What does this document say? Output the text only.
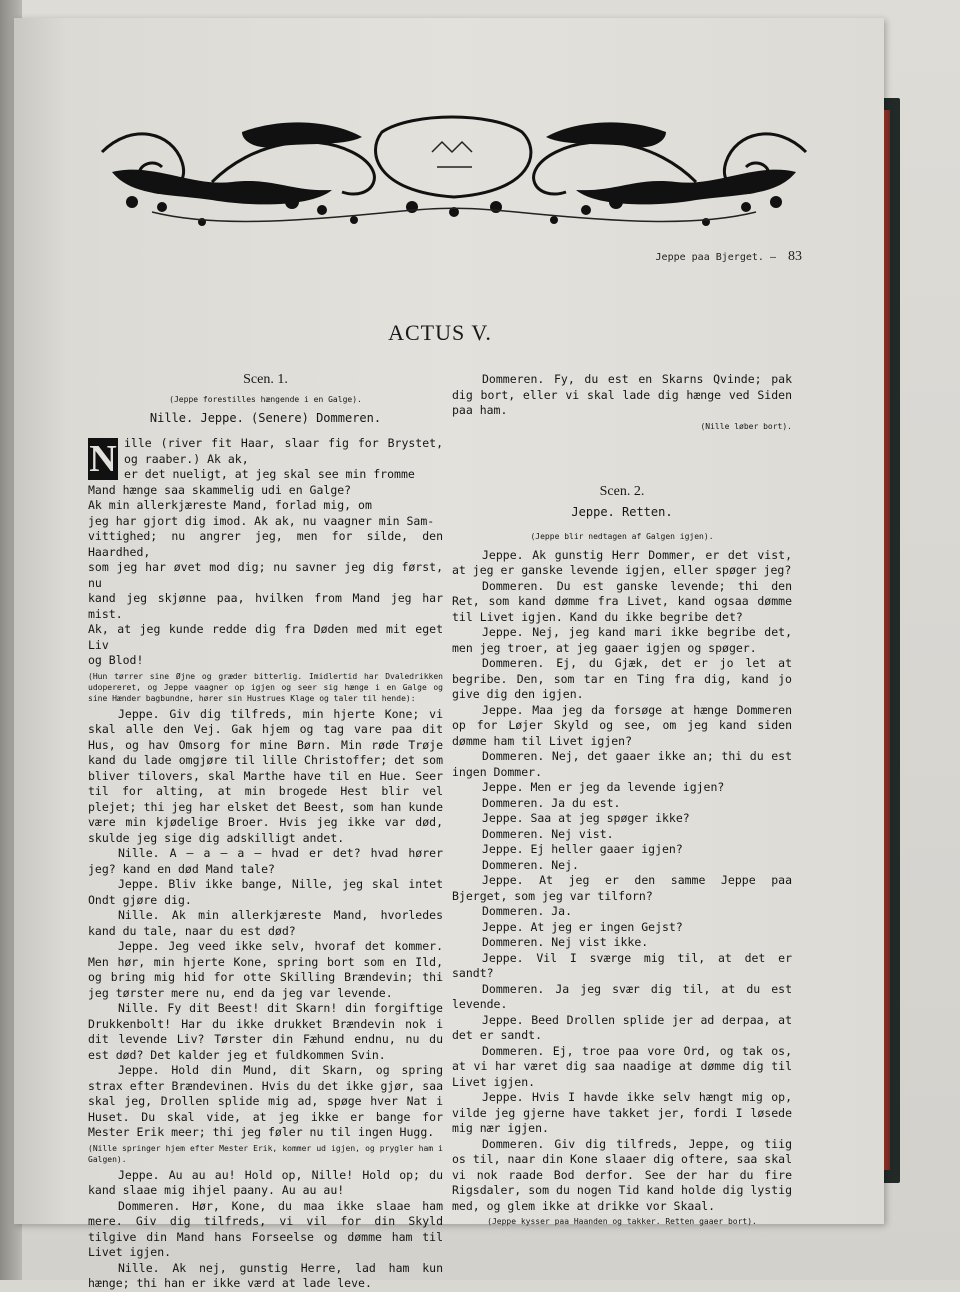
Jeppe paa Bjerget. — 83
ACTUS V.
Scen. 1.
(Jeppe forestilles hængende i en Galge).
Nille. Jeppe. (Senere) Dommeren.
N ille (river fit Haar, slaar fig for Brystet, og raaber.) Ak ak,
er det nueligt, at jeg skal see min fromme
Mand hænge saa skammelig udi en Galge?
Ak min allerkjæreste Mand, forlad mig, om
jeg har gjort dig imod. Ak ak, nu vaagner min Sam-
vittighed; nu angrer jeg, men for silde, den Haardhed,
som jeg har øvet mod dig; nu savner jeg dig først, nu
kand jeg skjønne paa, hvilken from Mand jeg har mist.
Ak, at jeg kunde redde dig fra Døden med mit eget Liv
og Blod!
(Hun tørrer sine Øjne og græder bitterlig. Imidlertid har Dvaledrikken udopereret, og Jeppe vaagner op igjen og seer sig hænge i en Galge og sine Hænder bagbundne, hører sin Hustrues Klage og taler til hende):
Jeppe. Giv dig tilfreds, min hjerte Kone; vi skal alle den Vej. Gak hjem og tag vare paa dit Hus, og hav Omsorg for mine Børn. Min røde Trøje kand du lade omgjøre til lille Christoffer; det som bliver tilovers, skal Marthe have til en Hue. Seer til for alting, at min brogede Hest blir vel plejet; thi jeg har elsket det Beest, som han kunde være min kjødelige Broer. Hvis jeg ikke var død, skulde jeg sige dig adskilligt andet.
Nille. A — a — a — hvad er det? hvad hører jeg? kand en død Mand tale?
Jeppe. Bliv ikke bange, Nille, jeg skal intet Ondt gjøre dig.
Nille. Ak min allerkjæreste Mand, hvorledes kand du tale, naar du est død?
Jeppe. Jeg veed ikke selv, hvoraf det kommer. Men hør, min hjerte Kone, spring bort som en Ild, og bring mig hid for otte Skilling Brændevin; thi jeg tørster mere nu, end da jeg var levende.
Nille. Fy dit Beest! dit Skarn! din forgiftige Drukkenbolt! Har du ikke drukket Brændevin nok i dit levende Liv? Tørster din Fæhund endnu, nu du est død? Det kalder jeg et fuldkommen Svin.
Jeppe. Hold din Mund, dit Skarn, og spring strax efter Brændevinen. Hvis du det ikke gjør, saa skal jeg, Drollen splide mig ad, spøge hver Nat i Huset. Du skal vide, at jeg ikke er bange for Mester Erik meer; thi jeg føler nu til ingen Hugg.
(Nille springer hjem efter Mester Erik, kommer ud igjen, og prygler ham i Galgen).
Jeppe. Au au au! Hold op, Nille! Hold op; du kand slaae mig ihjel paany. Au au au!
Dommeren. Hør, Kone, du maa ikke slaae ham mere. Giv dig tilfreds, vi vil for din Skyld tilgive din Mand hans Forseelse og dømme ham til Livet igjen.
Nille. Ak nej, gunstig Herre, lad ham kun hænge; thi han er ikke værd at lade leve.
Dommeren. Fy, du est en Skarns Qvinde; pak dig bort, eller vi skal lade dig hænge ved Siden paa ham.
(Nille løber bort).
Scen. 2.
Jeppe. Retten.
(Jeppe blir nedtagen af Galgen igjen).
Jeppe. Ak gunstig Herr Dommer, er det vist, at jeg er ganske levende igjen, eller spøger jeg?
Dommeren. Du est ganske levende; thi den Ret, som kand dømme fra Livet, kand ogsaa dømme til Livet igjen. Kand du ikke begribe det?
Jeppe. Nej, jeg kand mari ikke begribe det, men jeg troer, at jeg gaaer igjen og spøger.
Dommeren. Ej, du Gjæk, det er jo let at begribe. Den, som tar en Ting fra dig, kand jo give dig den igjen.
Jeppe. Maa jeg da forsøge at hænge Dommeren op for Løjer Skyld og see, om jeg kand siden dømme ham til Livet igjen?
Dommeren. Nej, det gaaer ikke an; thi du est ingen Dommer.
Jeppe. Men er jeg da levende igjen?
Dommeren. Ja du est.
Jeppe. Saa at jeg spøger ikke?
Dommeren. Nej vist.
Jeppe. Ej heller gaaer igjen?
Dommeren. Nej.
Jeppe. At jeg er den samme Jeppe paa Bjerget, som jeg var tilforn?
Dommeren. Ja.
Jeppe. At jeg er ingen Gejst?
Dommeren. Nej vist ikke.
Jeppe. Vil I sværge mig til, at det er sandt?
Dommeren. Ja jeg svær dig til, at du est levende.
Jeppe. Beed Drollen splide jer ad derpaa, at det er sandt.
Dommeren. Ej, troe paa vore Ord, og tak os, at vi har været dig saa naadige at dømme dig til Livet igjen.
Jeppe. Hvis I havde ikke selv hængt mig op, vilde jeg gjerne have takket jer, fordi I løsede mig nær igjen.
Dommeren. Giv dig tilfreds, Jeppe, og tiig os til, naar din Kone slaaer dig oftere, saa skal vi nok raade Bod derfor. See der har du fire Rigsdaler, som du nogen Tid kand holde dig lystig med, og glem ikke at drikke vor Skaal.
(Jeppe kysser paa Haanden og takker. Retten gaaer bort).
